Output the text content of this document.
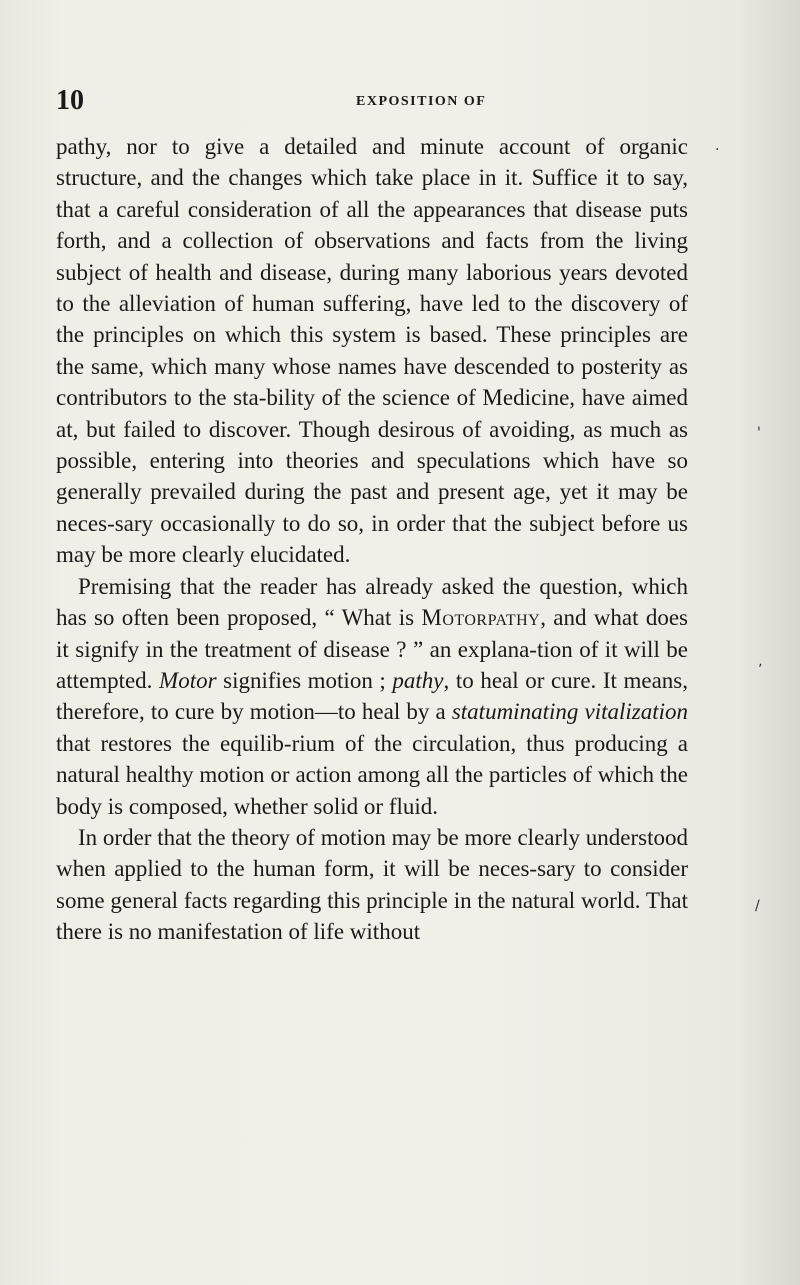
10	EXPOSITION OF

pathy, nor to give a detailed and minute account of organic structure, and the changes which take place in it. Suffice it to say, that a careful consideration of all the appearances that disease puts forth, and a collection of observations and facts from the living subject of health and disease, during many laborious years devoted to the alleviation of human suffering, have led to the discovery of the principles on which this system is based. These principles are the same, which many whose names have descended to posterity as contributors to the sta-bility of the science of Medicine, have aimed at, but failed to discover. Though desirous of avoiding, as much as possible, entering into theories and speculations which have so generally prevailed during the past and present age, yet it may be neces-sary occasionally to do so, in order that the subject before us may be more clearly elucidated.

Premising that the reader has already asked the question, which has so often been proposed, “ What is Motorpathy, and what does it signify in the treatment of disease ? ” an explana-tion of it will be attempted. Motor signifies motion ; pathy, to heal or cure. It means, therefore, to cure by motion—to heal by a statuminating vitalization that restores the equilib-rium of the circulation, thus producing a natural healthy motion or action among all the particles of which the body is composed, whether solid or fluid.

In order that the theory of motion may be more clearly understood when applied to the human form, it will be neces-sary to consider some general facts regarding this principle in the natural world. That there is no manifestation of life without

.
'
ʼ
/
